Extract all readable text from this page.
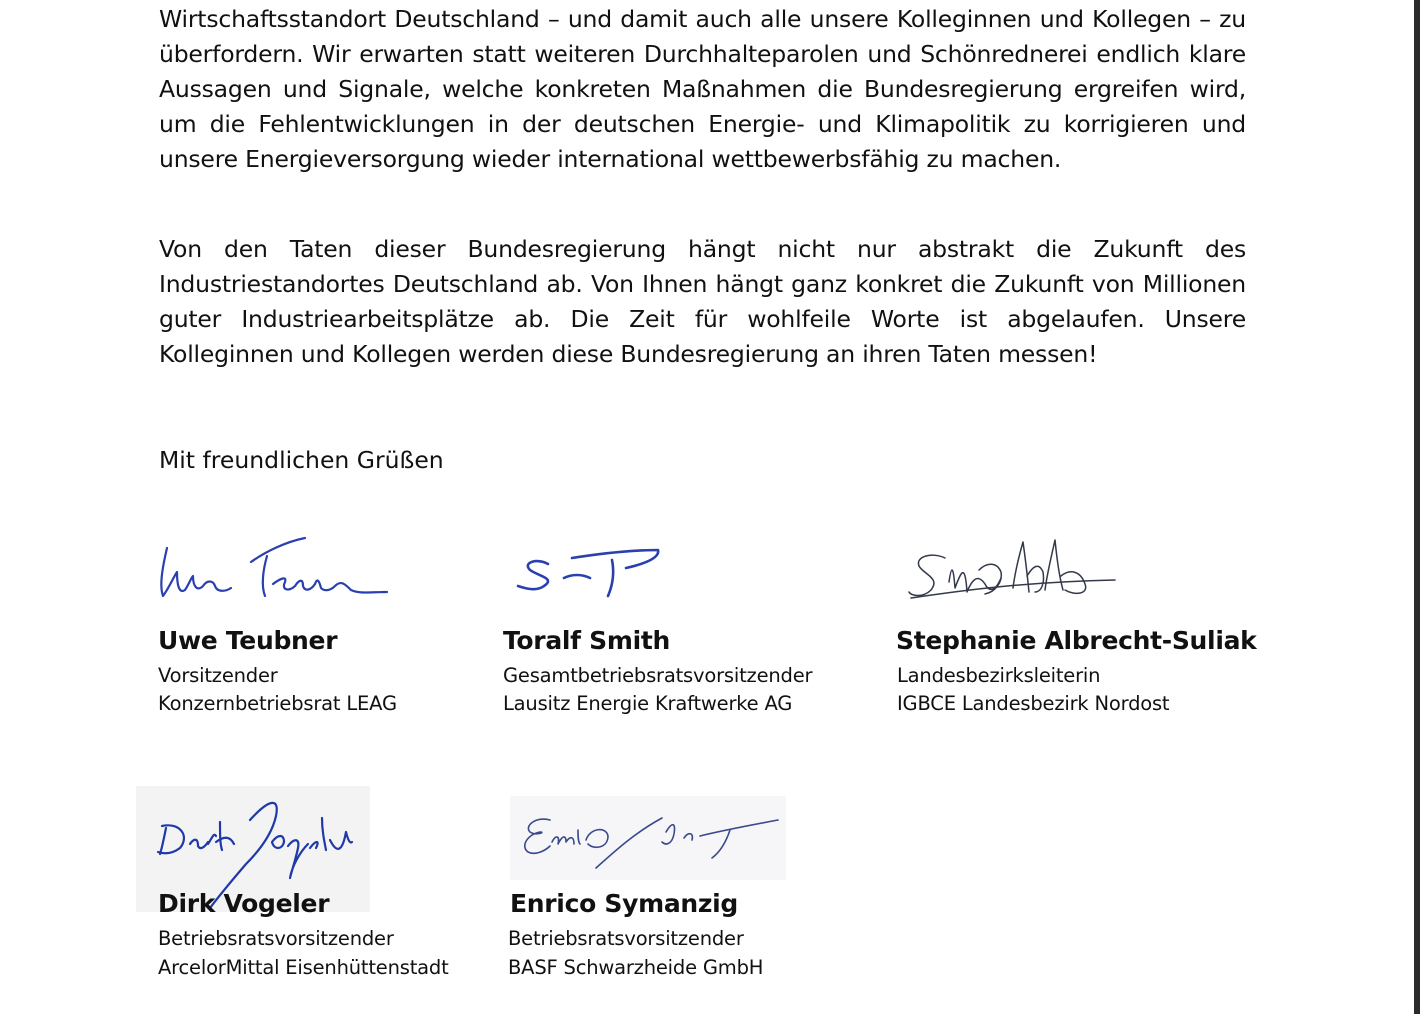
Wirtschaftsstandort Deutschland – und damit auch alle unsere Kolleginnen und Kollegen – zu überfordern. Wir erwarten statt weiteren Durchhalteparolen und Schönrednerei endlich klare Aussagen und Signale, welche konkreten Maßnahmen die Bundesregierung ergreifen wird, um die Fehlentwicklungen in der deutschen Energie- und Klimapolitik zu korrigieren und unsere Energieversorgung wieder international wettbewerbsfähig zu machen.

Von den Taten dieser Bundesregierung hängt nicht nur abstrakt die Zukunft des Industriestandortes Deutschland ab. Von Ihnen hängt ganz konkret die Zukunft von Millionen guter Industriearbeitsplätze ab. Die Zeit für wohlfeile Worte ist abgelaufen. Unsere Kolleginnen und Kollegen werden diese Bundesregierung an ihren Taten messen!

Mit freundlichen Grüßen

Uwe Teubner
Vorsitzender
Konzernbetriebsrat LEAG
Toralf Smith
Gesamtbetriebsratsvorsitzender
Lausitz Energie Kraftwerke AG
Stephanie Albrecht-Suliak
Landesbezirksleiterin
IGBCE Landesbezirk Nordost
Dirk Vogeler
Betriebsratsvorsitzender
ArcelorMittal Eisenhüttenstadt
Enrico Symanzig
Betriebsratsvorsitzender
BASF Schwarzheide GmbH
